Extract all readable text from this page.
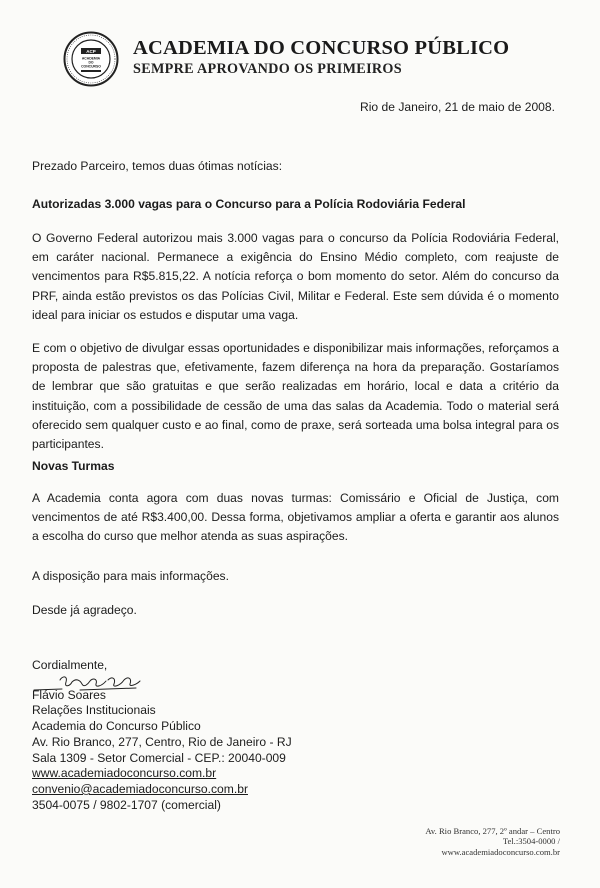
ACP
ACADEMIA
DO
CONCURSO
ACADEMIA DO CONCURSO PÚBLICO
SEMPRE APROVANDO OS PRIMEIROS
Rio de Janeiro, 21 de maio de 2008.
Prezado Parceiro, temos duas ótimas notícias:
Autorizadas 3.000 vagas para o Concurso para a Polícia Rodoviária Federal
O Governo Federal autorizou mais 3.000 vagas para o concurso da Polícia Rodoviária Federal, em caráter nacional. Permanece a exigência do Ensino Médio completo, com reajuste de vencimentos para R$5.815,22. A notícia reforça o bom momento do setor. Além do concurso da PRF, ainda estão previstos os das Polícias Civil, Militar e Federal. Este sem dúvida é o momento ideal para iniciar os estudos e disputar uma vaga.
E com o objetivo de divulgar essas oportunidades e disponibilizar mais informações, reforçamos a proposta de palestras que, efetivamente, fazem diferença na hora da preparação. Gostaríamos de lembrar que são gratuitas e que serão realizadas em horário, local e data a critério da instituição, com a possibilidade de cessão de uma das salas da Academia. Todo o material será oferecido sem qualquer custo e ao final, como de praxe, será sorteada uma bolsa integral para os participantes.
Novas Turmas
A Academia conta agora com duas novas turmas: Comissário e Oficial de Justiça, com vencimentos de até R$3.400,00. Dessa forma, objetivamos ampliar a oferta e garantir aos alunos a escolha do curso que melhor atenda as suas aspirações.
A disposição para mais informações.
Desde já agradeço.
Cordialmente,
Flávio Soares
Flávio Soares
Relações Institucionais
Academia do Concurso Público
Av. Rio Branco, 277, Centro, Rio de Janeiro - RJ
Sala 1309 - Setor Comercial - CEP.: 20040-009
www.academiadoconcurso.com.br
convenio@academiadoconcurso.com.br
3504-0075 / 9802-1707 (comercial)
Av. Rio Branco, 277, 2º andar – Centro
Tel.:3504-0000 /
www.academiadoconcurso.com.br
